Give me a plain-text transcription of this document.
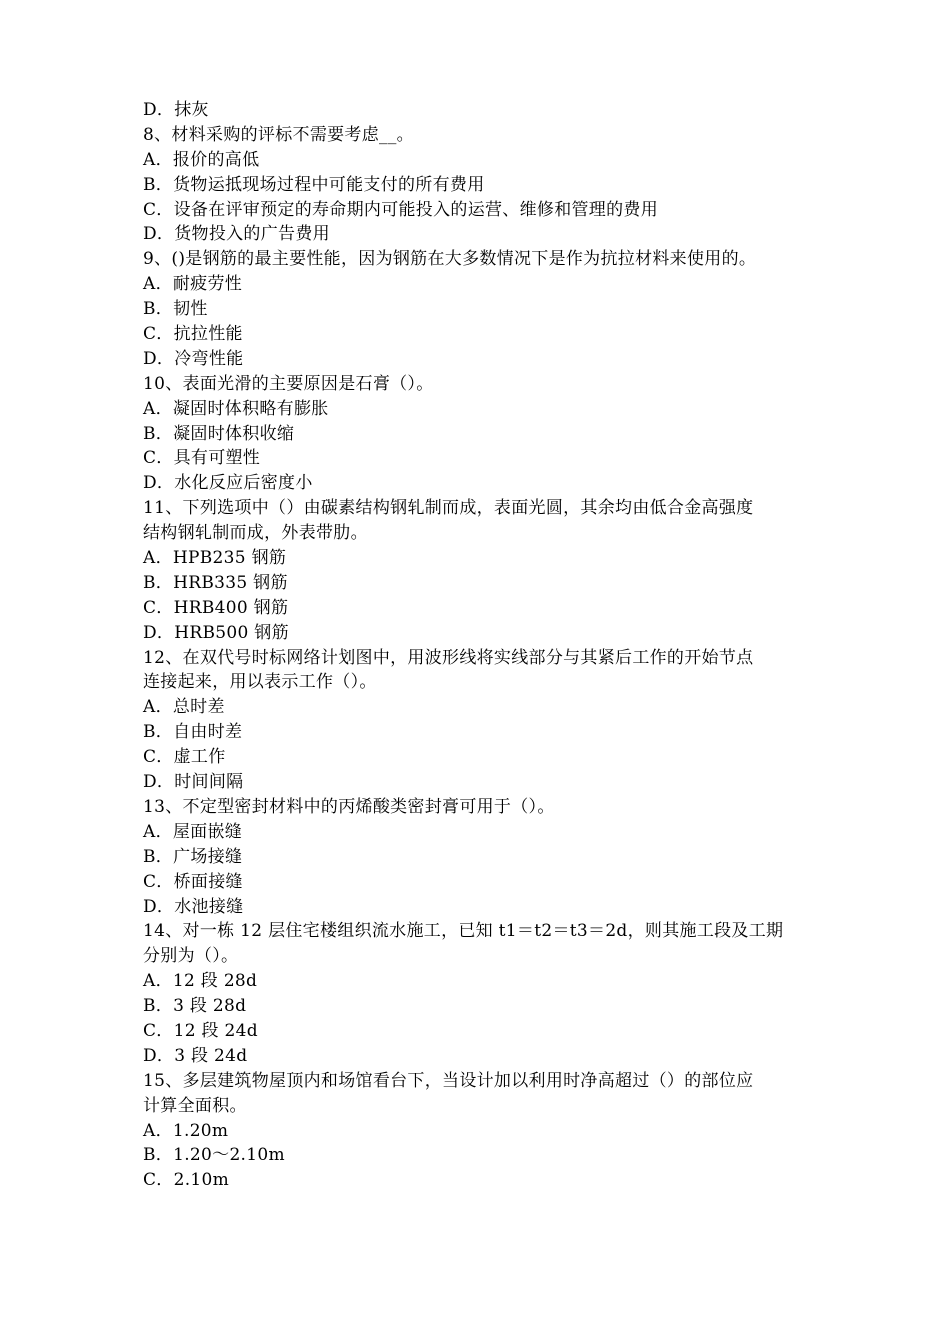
D．抹灰
8、材料采购的评标不需要考虑__。
A．报价的高低
B．货物运抵现场过程中可能支付的所有费用
C．设备在评审预定的寿命期内可能投入的运营、维修和管理的费用
D．货物投入的广告费用
9、()是钢筋的最主要性能，因为钢筋在大多数情况下是作为抗拉材料来使用的。
A．耐疲劳性
B．韧性
C．抗拉性能
D．冷弯性能
10、表面光滑的主要原因是石膏（）。
A．凝固时体积略有膨胀
B．凝固时体积收缩
C．具有可塑性
D．水化反应后密度小
11、下列选项中（）由碳素结构钢轧制而成，表面光圆，其余均由低合金高强度
结构钢轧制而成，外表带肋。
A．HPB235 钢筋
B．HRB335 钢筋
C．HRB400 钢筋
D．HRB500 钢筋
12、在双代号时标网络计划图中，用波形线将实线部分与其紧后工作的开始节点
连接起来，用以表示工作（）。
A．总时差
B．自由时差
C．虚工作
D．时间间隔
13、不定型密封材料中的丙烯酸类密封膏可用于（）。
A．屋面嵌缝
B．广场接缝
C．桥面接缝
D．水池接缝
14、对一栋 12 层住宅楼组织流水施工，已知 t1＝t2＝t3＝2d，则其施工段及工期
分别为（）。
A．12 段 28d
B．3 段 28d
C．12 段 24d
D．3 段 24d
15、多层建筑物屋顶内和场馆看台下，当设计加以利用时净高超过（）的部位应
计算全面积。
A．1.20m
B．1.20～2.10m
C．2.10m
